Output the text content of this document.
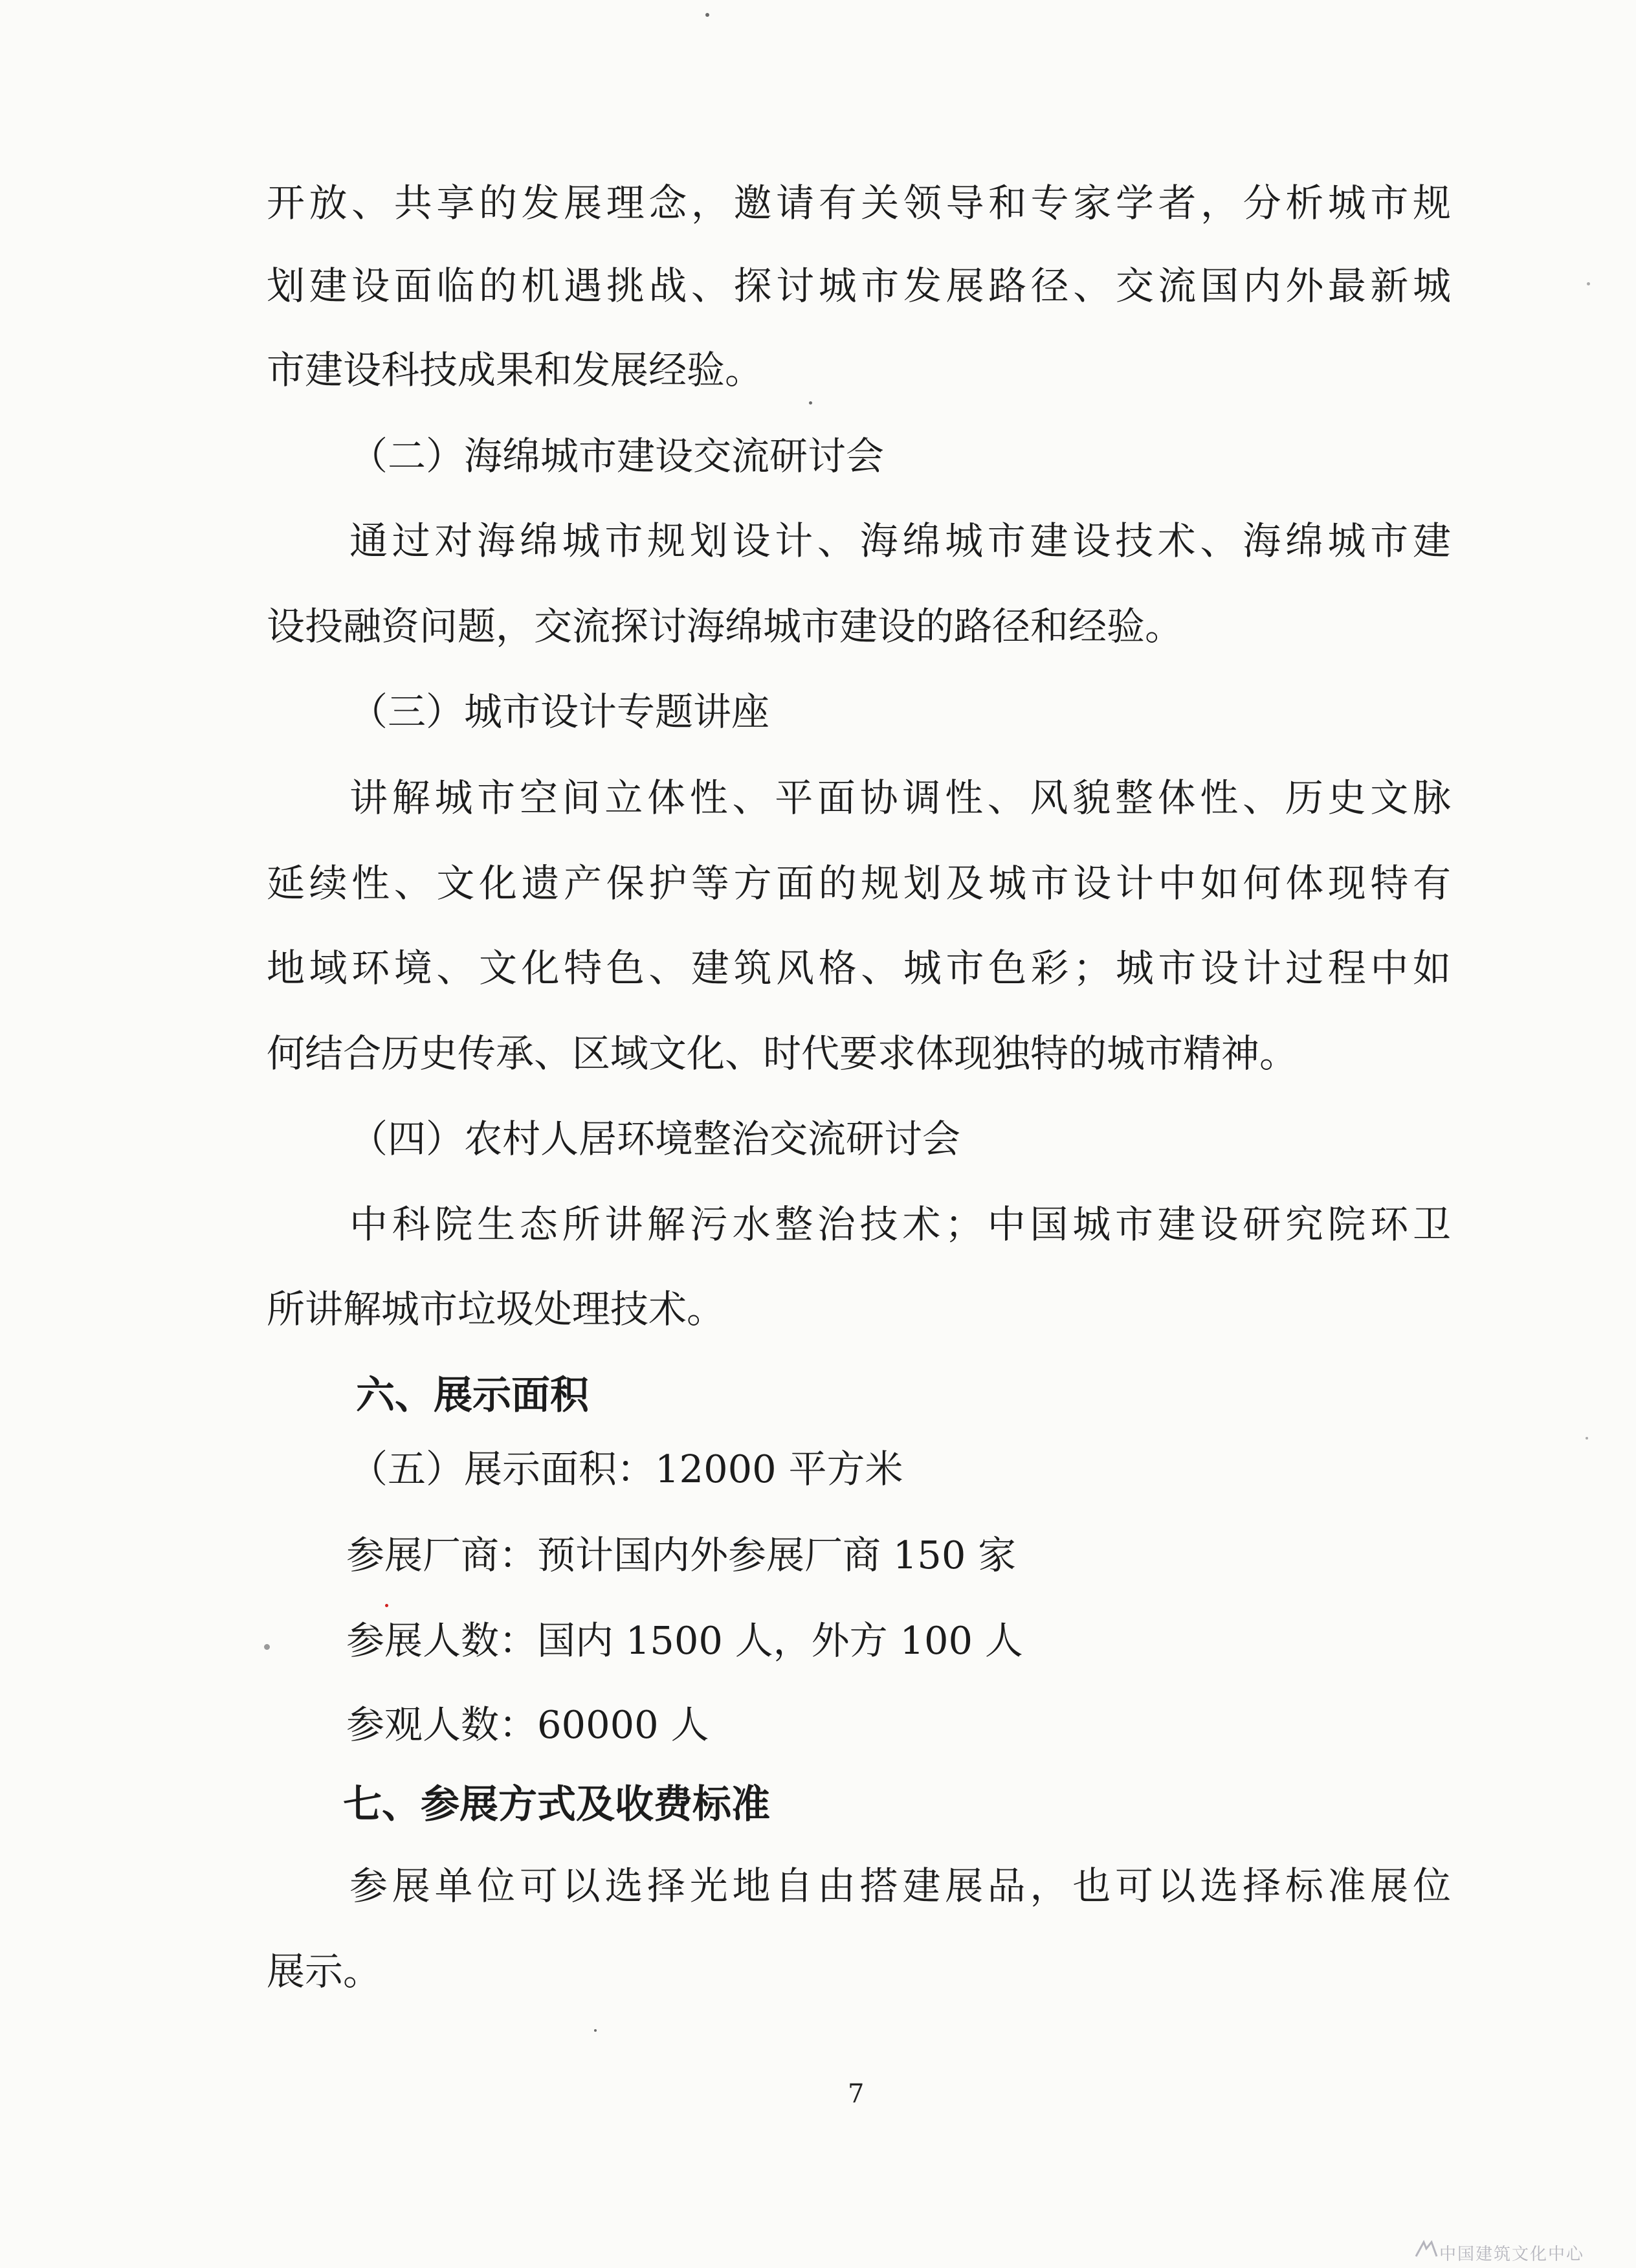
开放、共享的发展理念，邀请有关领导和专家学者，分析城市规
划建设面临的机遇挑战、探讨城市发展路径、交流国内外最新城
市建设科技成果和发展经验。
（二）海绵城市建设交流研讨会
通过对海绵城市规划设计、海绵城市建设技术、海绵城市建
设投融资问题，交流探讨海绵城市建设的路径和经验。
（三）城市设计专题讲座
讲解城市空间立体性、平面协调性、风貌整体性、历史文脉
延续性、文化遗产保护等方面的规划及城市设计中如何体现特有
地域环境、文化特色、建筑风格、城市色彩；城市设计过程中如
何结合历史传承、区域文化、时代要求体现独特的城市精神。
（四）农村人居环境整治交流研讨会
中科院生态所讲解污水整治技术；中国城市建设研究院环卫
所讲解城市垃圾处理技术。
六、展示面积
（五）展示面积：12000 平方米
参展厂商：预计国内外参展厂商 150 家
参展人数：国内 1500 人，外方 100 人
参观人数：60000 人
七、参展方式及收费标准
参展单位可以选择光地自由搭建展品，也可以选择标准展位
展示。
7
中国建筑文化中心
